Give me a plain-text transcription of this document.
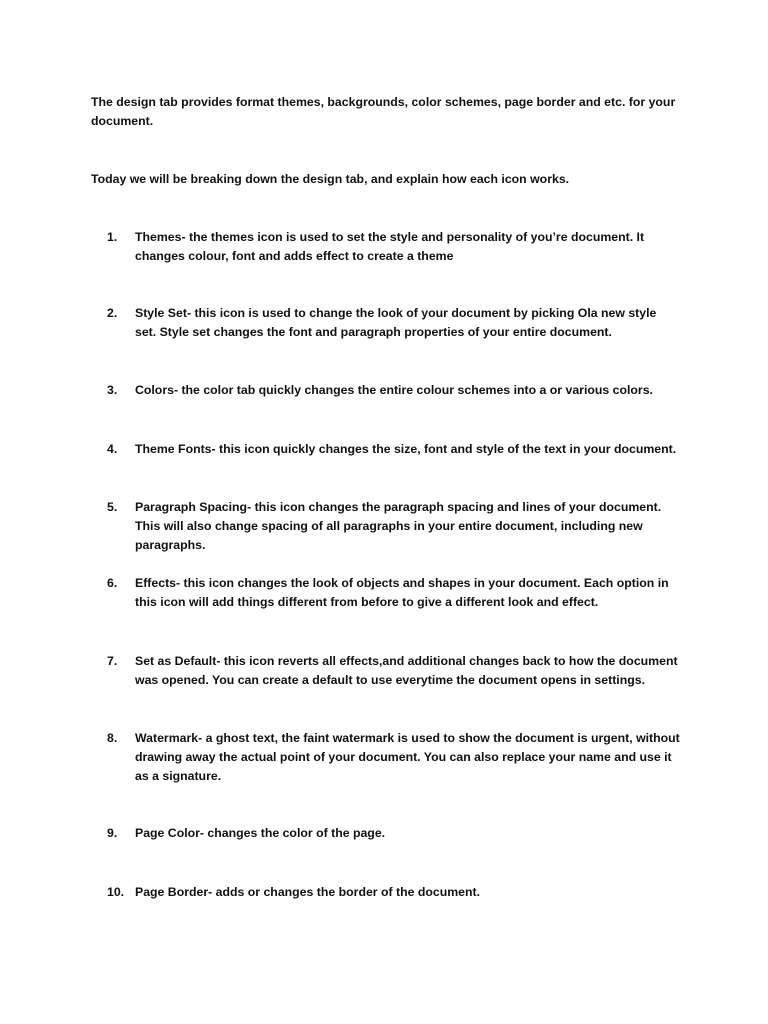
The design tab provides format themes, backgrounds, color schemes, page border and etc. for your document.

Today we will be breaking down the design tab, and explain how each icon works.

1.	Themes- the themes icon is used to set the style and personality of you’re document. It changes colour, font and adds effect to create a theme
2.	Style Set- this icon is used to change the look of your document by picking Ola new style set. Style set changes the font and paragraph properties of your entire document.
3.	Colors- the color tab quickly changes the entire colour schemes into a or various colors.
4.	Theme Fonts- this icon quickly changes the size, font and style of the text in your document.
5.	Paragraph Spacing- this icon changes the paragraph spacing and lines of your document. This will also change spacing of all paragraphs in your entire document, including new paragraphs.
6.	Effects- this icon changes the look of objects and shapes in your document. Each option in this icon will add things different from before to give a different look and effect.
7.	Set as Default- this icon reverts all effects,and additional changes back to how the document was opened. You can create a default to use everytime the document opens in settings.
8.	Watermark- a ghost text, the faint watermark is used to show the document is urgent, without drawing away the actual point of your document. You can also replace your name and use it as a signature.
9.	Page Color- changes the color of the page.
10. Page Border- adds or changes the border of the document.
